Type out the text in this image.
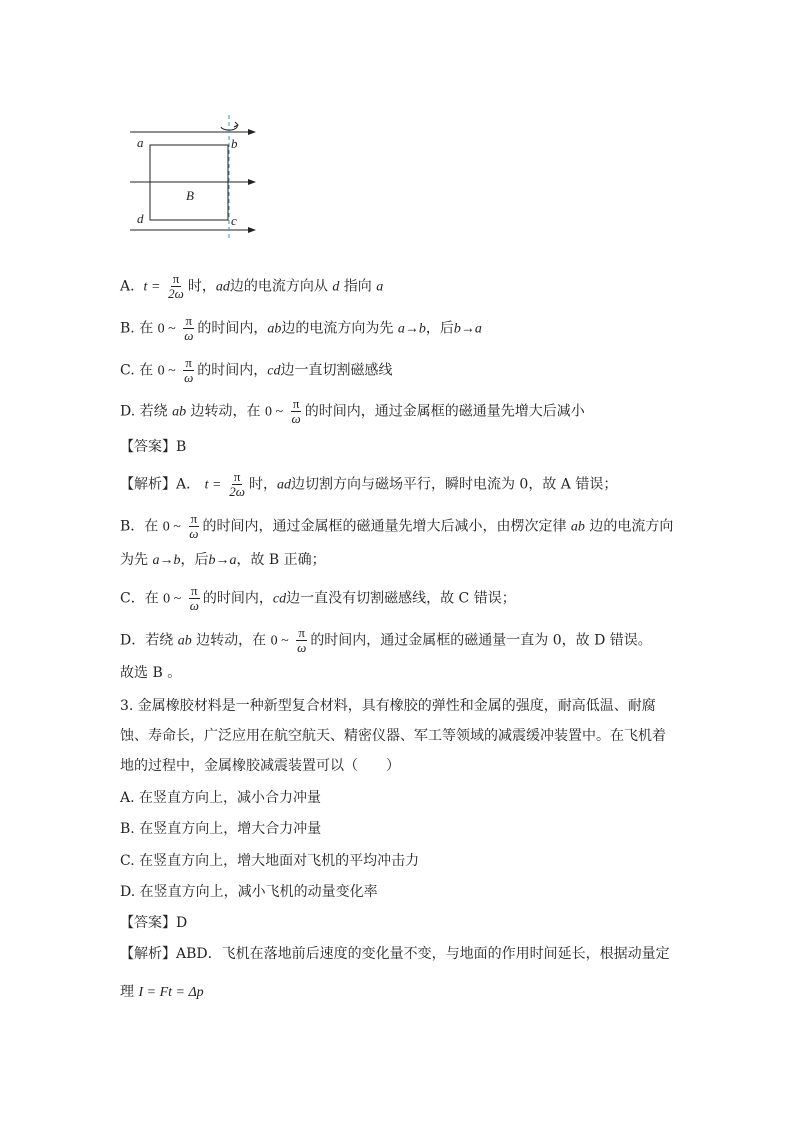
a	b
c
d
B
A. $t = \frac{\pi}{2\omega}$ 时，ad边的电流方向从 d 指向 a
B. 在 0 ~ $\frac{\pi}{\omega}$ 的时间内，ab边的电流方向为先 a→b，后b→a
C. 在 0 ~ $\frac{\pi}{\omega}$ 的时间内，cd边一直切割磁感线
D. 若绕 ab 边转动，在 0 ~ $\frac{\pi}{\omega}$ 的时间内，通过金属框的磁通量先增大后减小
【答案】B
【解析】A． $t = \frac{\pi}{2\omega}$ 时，ad边切割方向与磁场平行，瞬时电流为 0，故 A 错误；
B．在 0 ~ $\frac{\pi}{\omega}$ 的时间内，通过金属框的磁通量先增大后减小，由楞次定律 ab 边的电流方向
为先 a→b，后b→a，故 B 正确；
C．在 0 ~ $\frac{\pi}{\omega}$ 的时间内，cd边一直没有切割磁感线，故 C 错误；
D．若绕 ab 边转动，在 0 ~ $\frac{\pi}{\omega}$ 的时间内，通过金属框的磁通量一直为 0，故 D 错误。
故选 B 。
3. 金属橡胶材料是一种新型复合材料，具有橡胶的弹性和金属的强度，耐高低温、耐腐
蚀、寿命长，广泛应用在航空航天、精密仪器、军工等领域的减震缓冲装置中。在飞机着
地的过程中，金属橡胶减震装置可以（　　）
A. 在竖直方向上，减小合力冲量
B. 在竖直方向上，增大合力冲量
C. 在竖直方向上，增大地面对飞机的平均冲击力
D. 在竖直方向上，减小飞机的动量变化率
【答案】D
【解析】ABD．飞机在落地前后速度的变化量不变，与地面的作用时间延长，根据动量定
理 I = Ft = Δp
